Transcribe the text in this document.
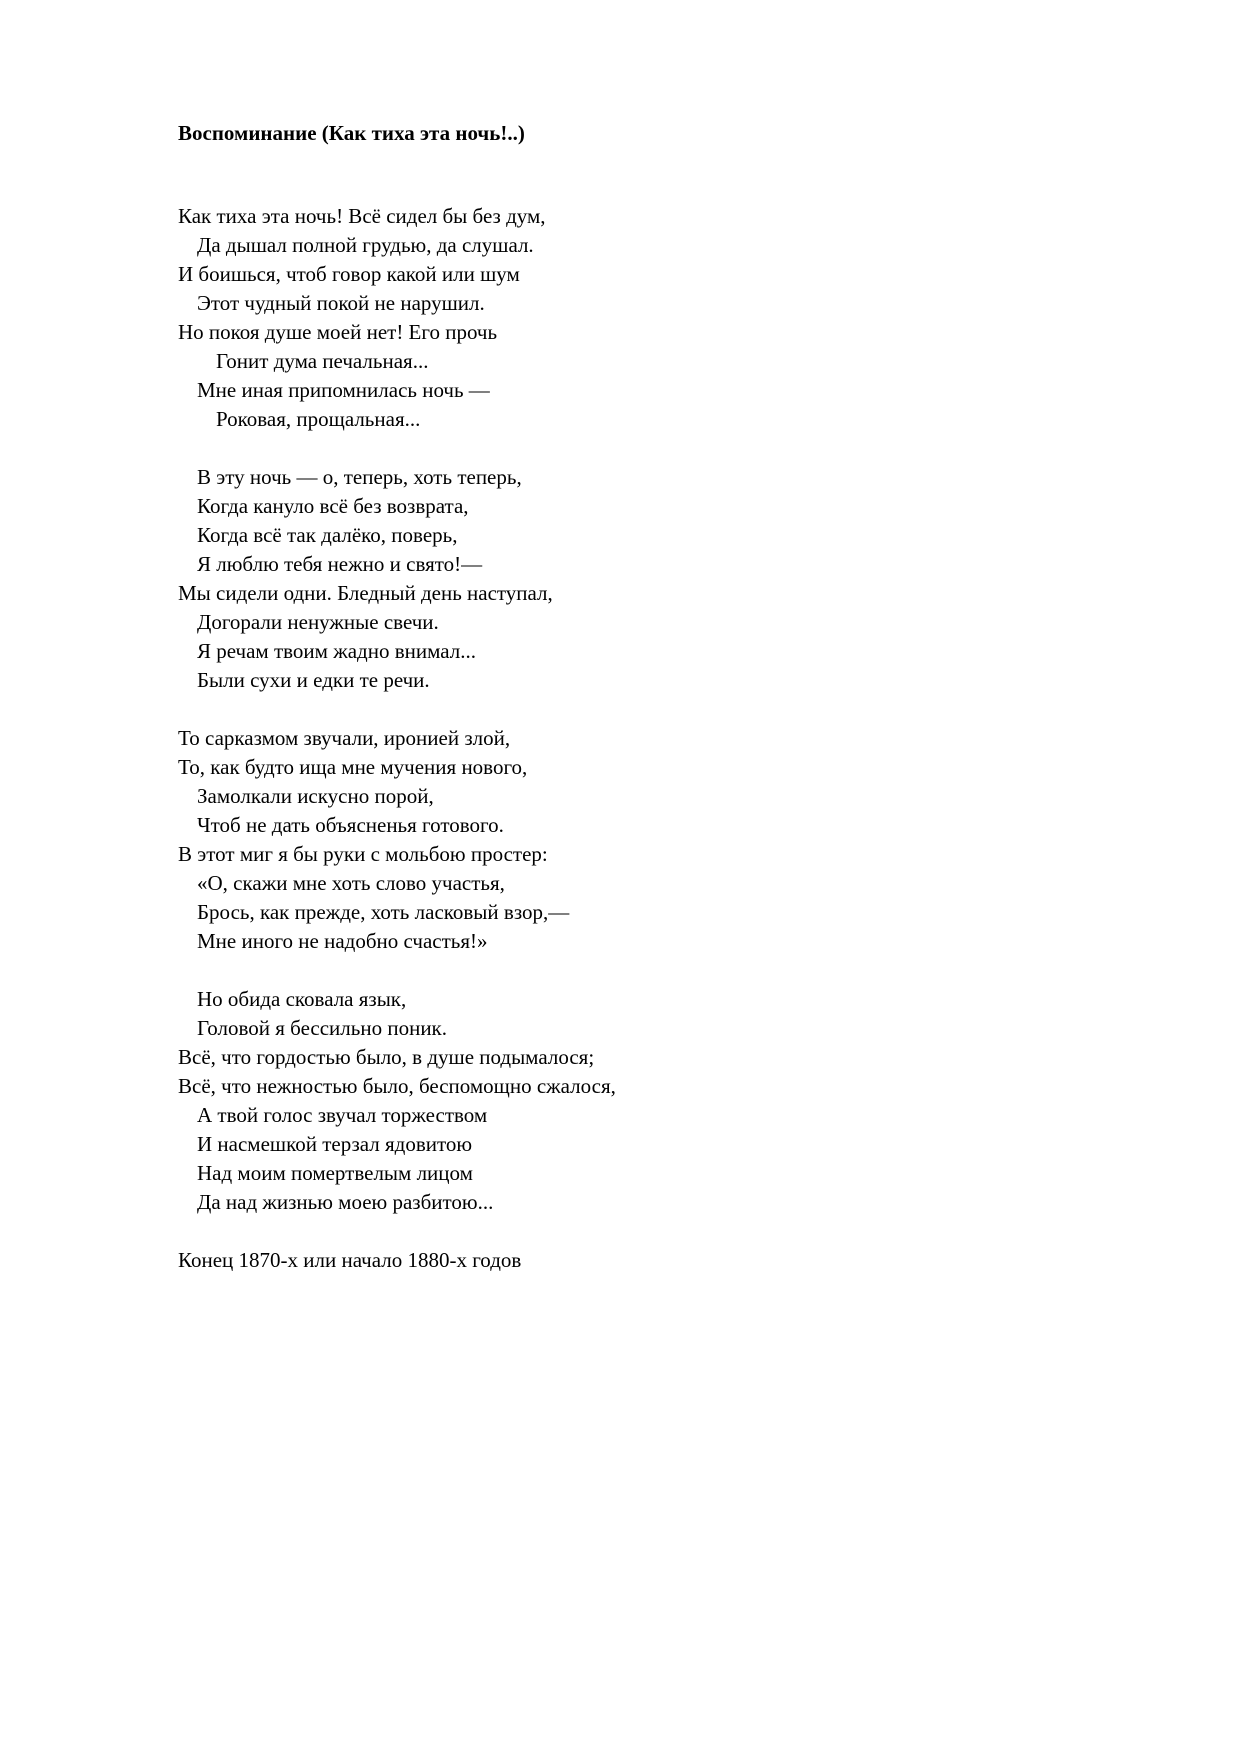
Воспоминание (Как тиха эта ночь!..)
Как тиха эта ночь! Всё сидел бы без дум,
Да дышал полной грудью, да слушал.
И боишься, чтоб говор какой или шум
Этот чудный покой не нарушил.
Но покоя душе моей нет! Его прочь
Гонит дума печальная...
Мне иная припомнилась ночь —
Роковая, прощальная...
В эту ночь — о, теперь, хоть теперь,
Когда кануло всё без возврата,
Когда всё так далёко, поверь,
Я люблю тебя нежно и свято!—
Мы сидели одни. Бледный день наступал,
Догорали ненужные свечи.
Я речам твоим жадно внимал...
Были сухи и едки те речи.
То сарказмом звучали, иронией злой,
То, как будто ища мне мучения нового,
Замолкали искусно порой,
Чтоб не дать объясненья готового.
В этот миг я бы руки с мольбою простер:
«О, скажи мне хоть слово участья,
Брось, как прежде, хоть ласковый взор,—
Мне иного не надобно счастья!»
Но обида сковала язык,
Головой я бессильно поник.
Всё, что гордостью было, в душе подымалося;
Всё, что нежностью было, беспомощно сжалося,
А твой голос звучал торжеством
И насмешкой терзал ядовитою
Над моим помертвелым лицом
Да над жизнью моею разбитою...
Конец 1870-х или начало 1880-х годов
